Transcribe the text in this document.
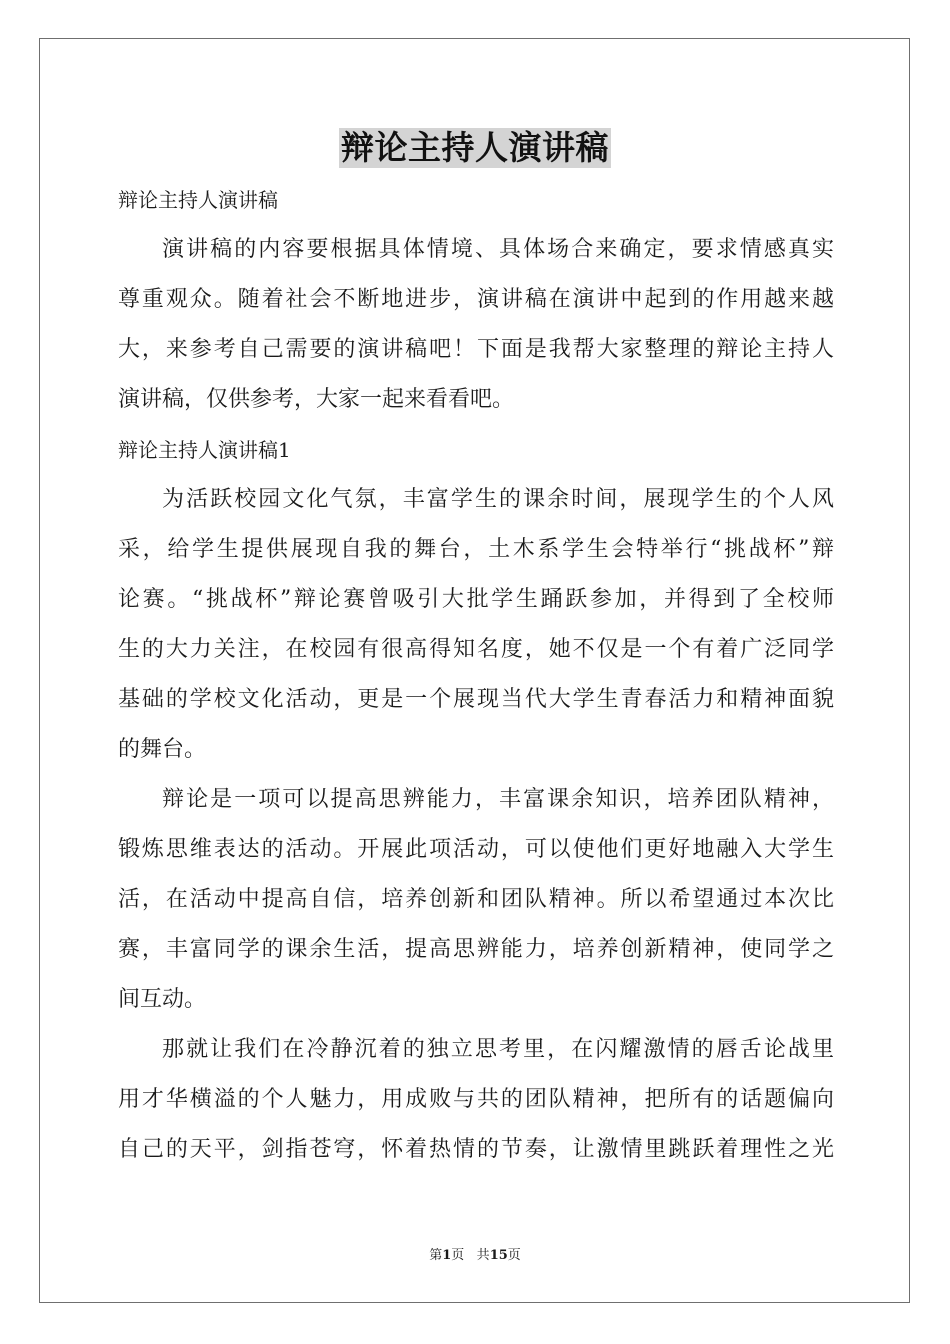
辩论主持人演讲稿
辩论主持人演讲稿
演讲稿的内容要根据具体情境、具体场合来确定，要求情感真实
尊重观众。随着社会不断地进步，演讲稿在演讲中起到的作用越来越
大，来参考自己需要的演讲稿吧！下面是我帮大家整理的辩论主持人
演讲稿，仅供参考，大家一起来看看吧。
辩论主持人演讲稿1
为活跃校园文化气氛，丰富学生的课余时间，展现学生的个人风
采，给学生提供展现自我的舞台，土木系学生会特举行“挑战杯”辩
论赛。“挑战杯”辩论赛曾吸引大批学生踊跃参加，并得到了全校师
生的大力关注，在校园有很高得知名度，她不仅是一个有着广泛同学
基础的学校文化活动，更是一个展现当代大学生青春活力和精神面貌
的舞台。
辩论是一项可以提高思辨能力，丰富课余知识，培养团队精神，
锻炼思维表达的活动。开展此项活动，可以使他们更好地融入大学生
活，在活动中提高自信，培养创新和团队精神。所以希望通过本次比
赛，丰富同学的课余生活，提高思辨能力，培养创新精神，使同学之
间互动。
那就让我们在冷静沉着的独立思考里，在闪耀激情的唇舌论战里
用才华横溢的个人魅力，用成败与共的团队精神，把所有的话题偏向
自己的天平，剑指苍穹，怀着热情的节奏，让激情里跳跃着理性之光
第1页 共15页
